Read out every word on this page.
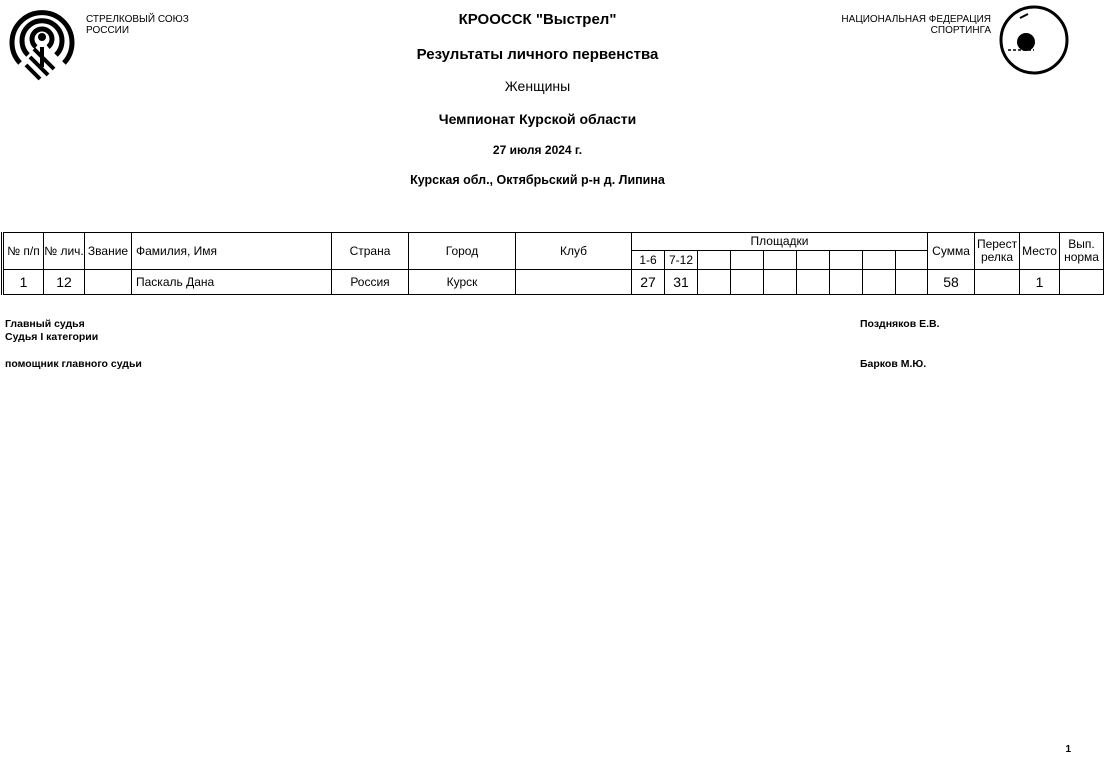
СТРЕЛКОВЫЙ СОЮЗ
РОССИИ
НАЦИОНАЛЬНАЯ ФЕДЕРАЦИЯ
СПОРТИНГА
КРООССК "Выстрел"
Результаты личного первенства
Женщины
Чемпионат Курской области
27 июля 2024 г.
Курская обл., Октябрьский р-н д. Липина
№ п/п	№ лич.	Звание	Фамилия, Имя	Страна	Город	Клуб	Площадки									Сумма	Перест релка	Место	Вып. норма
							1-6	7-12											
1	12		Паскаль Дана	Россия	Курск		27	31								58		1	
Главный судья
Судья I категории
Поздняков Е.В.
помощник главного судьи	Барков М.Ю.
1
